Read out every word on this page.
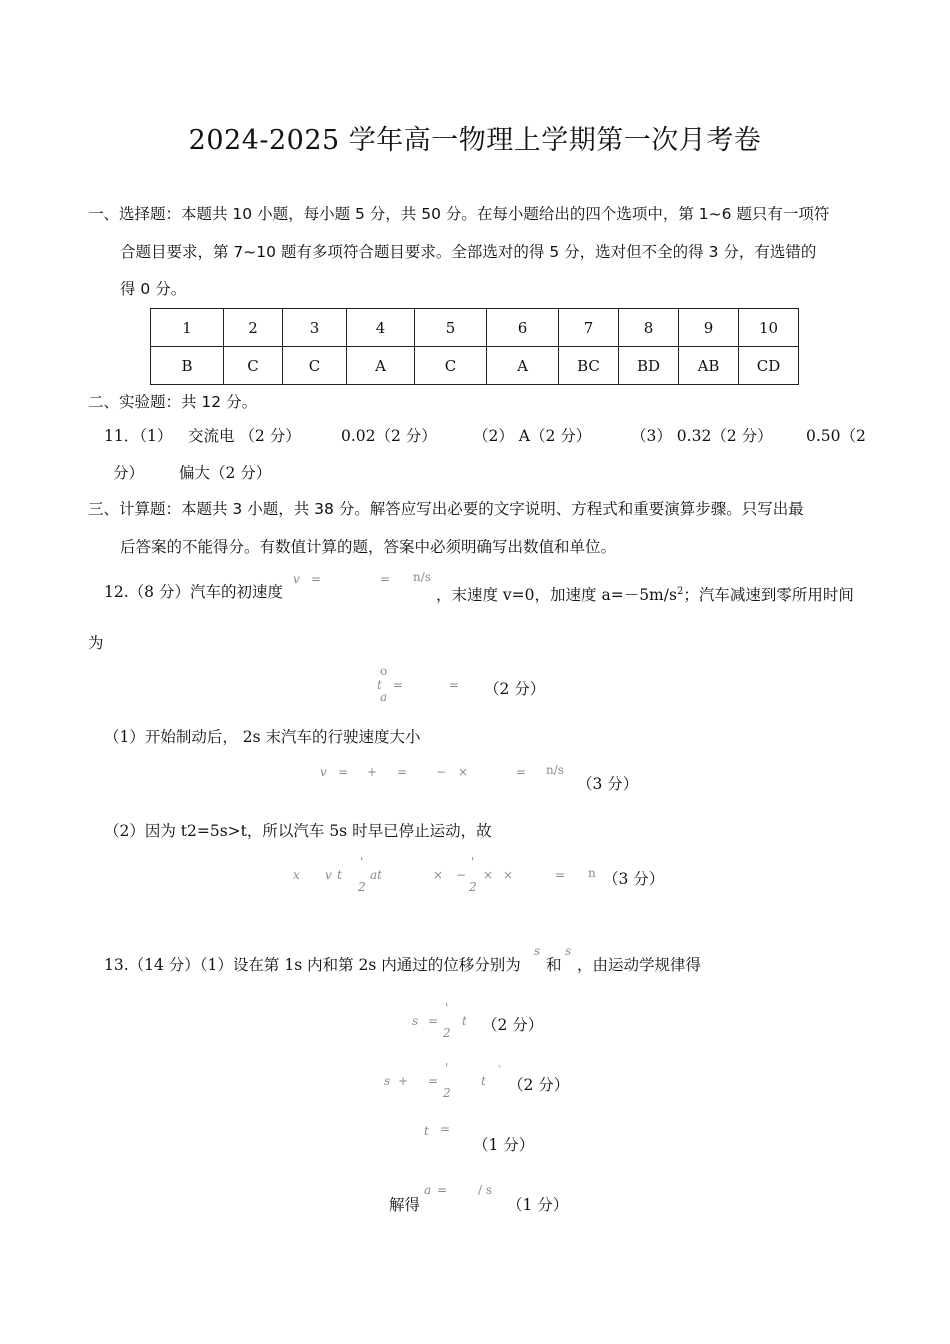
2024-2025 学年高一物理上学期第一次月考卷
一、选择题：本题共 10 小题，每小题 5 分，共 50 分。在每小题给出的四个选项中，第 1~6 题只有一项符
合题目要求，第 7~10 题有多项符合题目要求。全部选对的得 5 分，选对但不全的得 3 分，有选错的
得 0 分。
1	2	3	4	5	6	7	8	9	10
B	C	C	A	C	A	BC	BD	AB	CD
二、实验题：共 12 分。
11．（1） 交流电 （2 分）	0.02（2 分） （2） A（2 分）	（3） 0.32（2 分） 0.50（2
分） 偏大（2 分）
三、计算题：本题共 3 小题，共 38 分。解答应写出必要的文字说明、方程式和重要演算步骤。只写出最
后答案的不能得分。有数值计算的题，答案中必须明确写出数值和单位。
12.（8 分）汽车的初速度
v =	= n/s
，末速度 v=0，加速度 $a=-5m/s^2$；汽车减速到零所用时间
为
o
t =
a
= （2 分）
（1）开始制动后， 2s 末汽车的行驶速度大小
v = + = − ×	= n/s
（3 分）
（2）因为 t2=5s>t，所以汽车 5s 时早已停止运动，故
x v t
'
2
at	× −
'
2
× ×	= n （3 分）
13.（14 分）（1）设在第 1s 内和第 2s 内通过的位移分别为
s
和
s
，由运动学规律得
s =
'
2
t （2 分）
s + =
'
2
t
`
（2 分）
t =
（1 分）
解得
a =	/ s
（1 分）
